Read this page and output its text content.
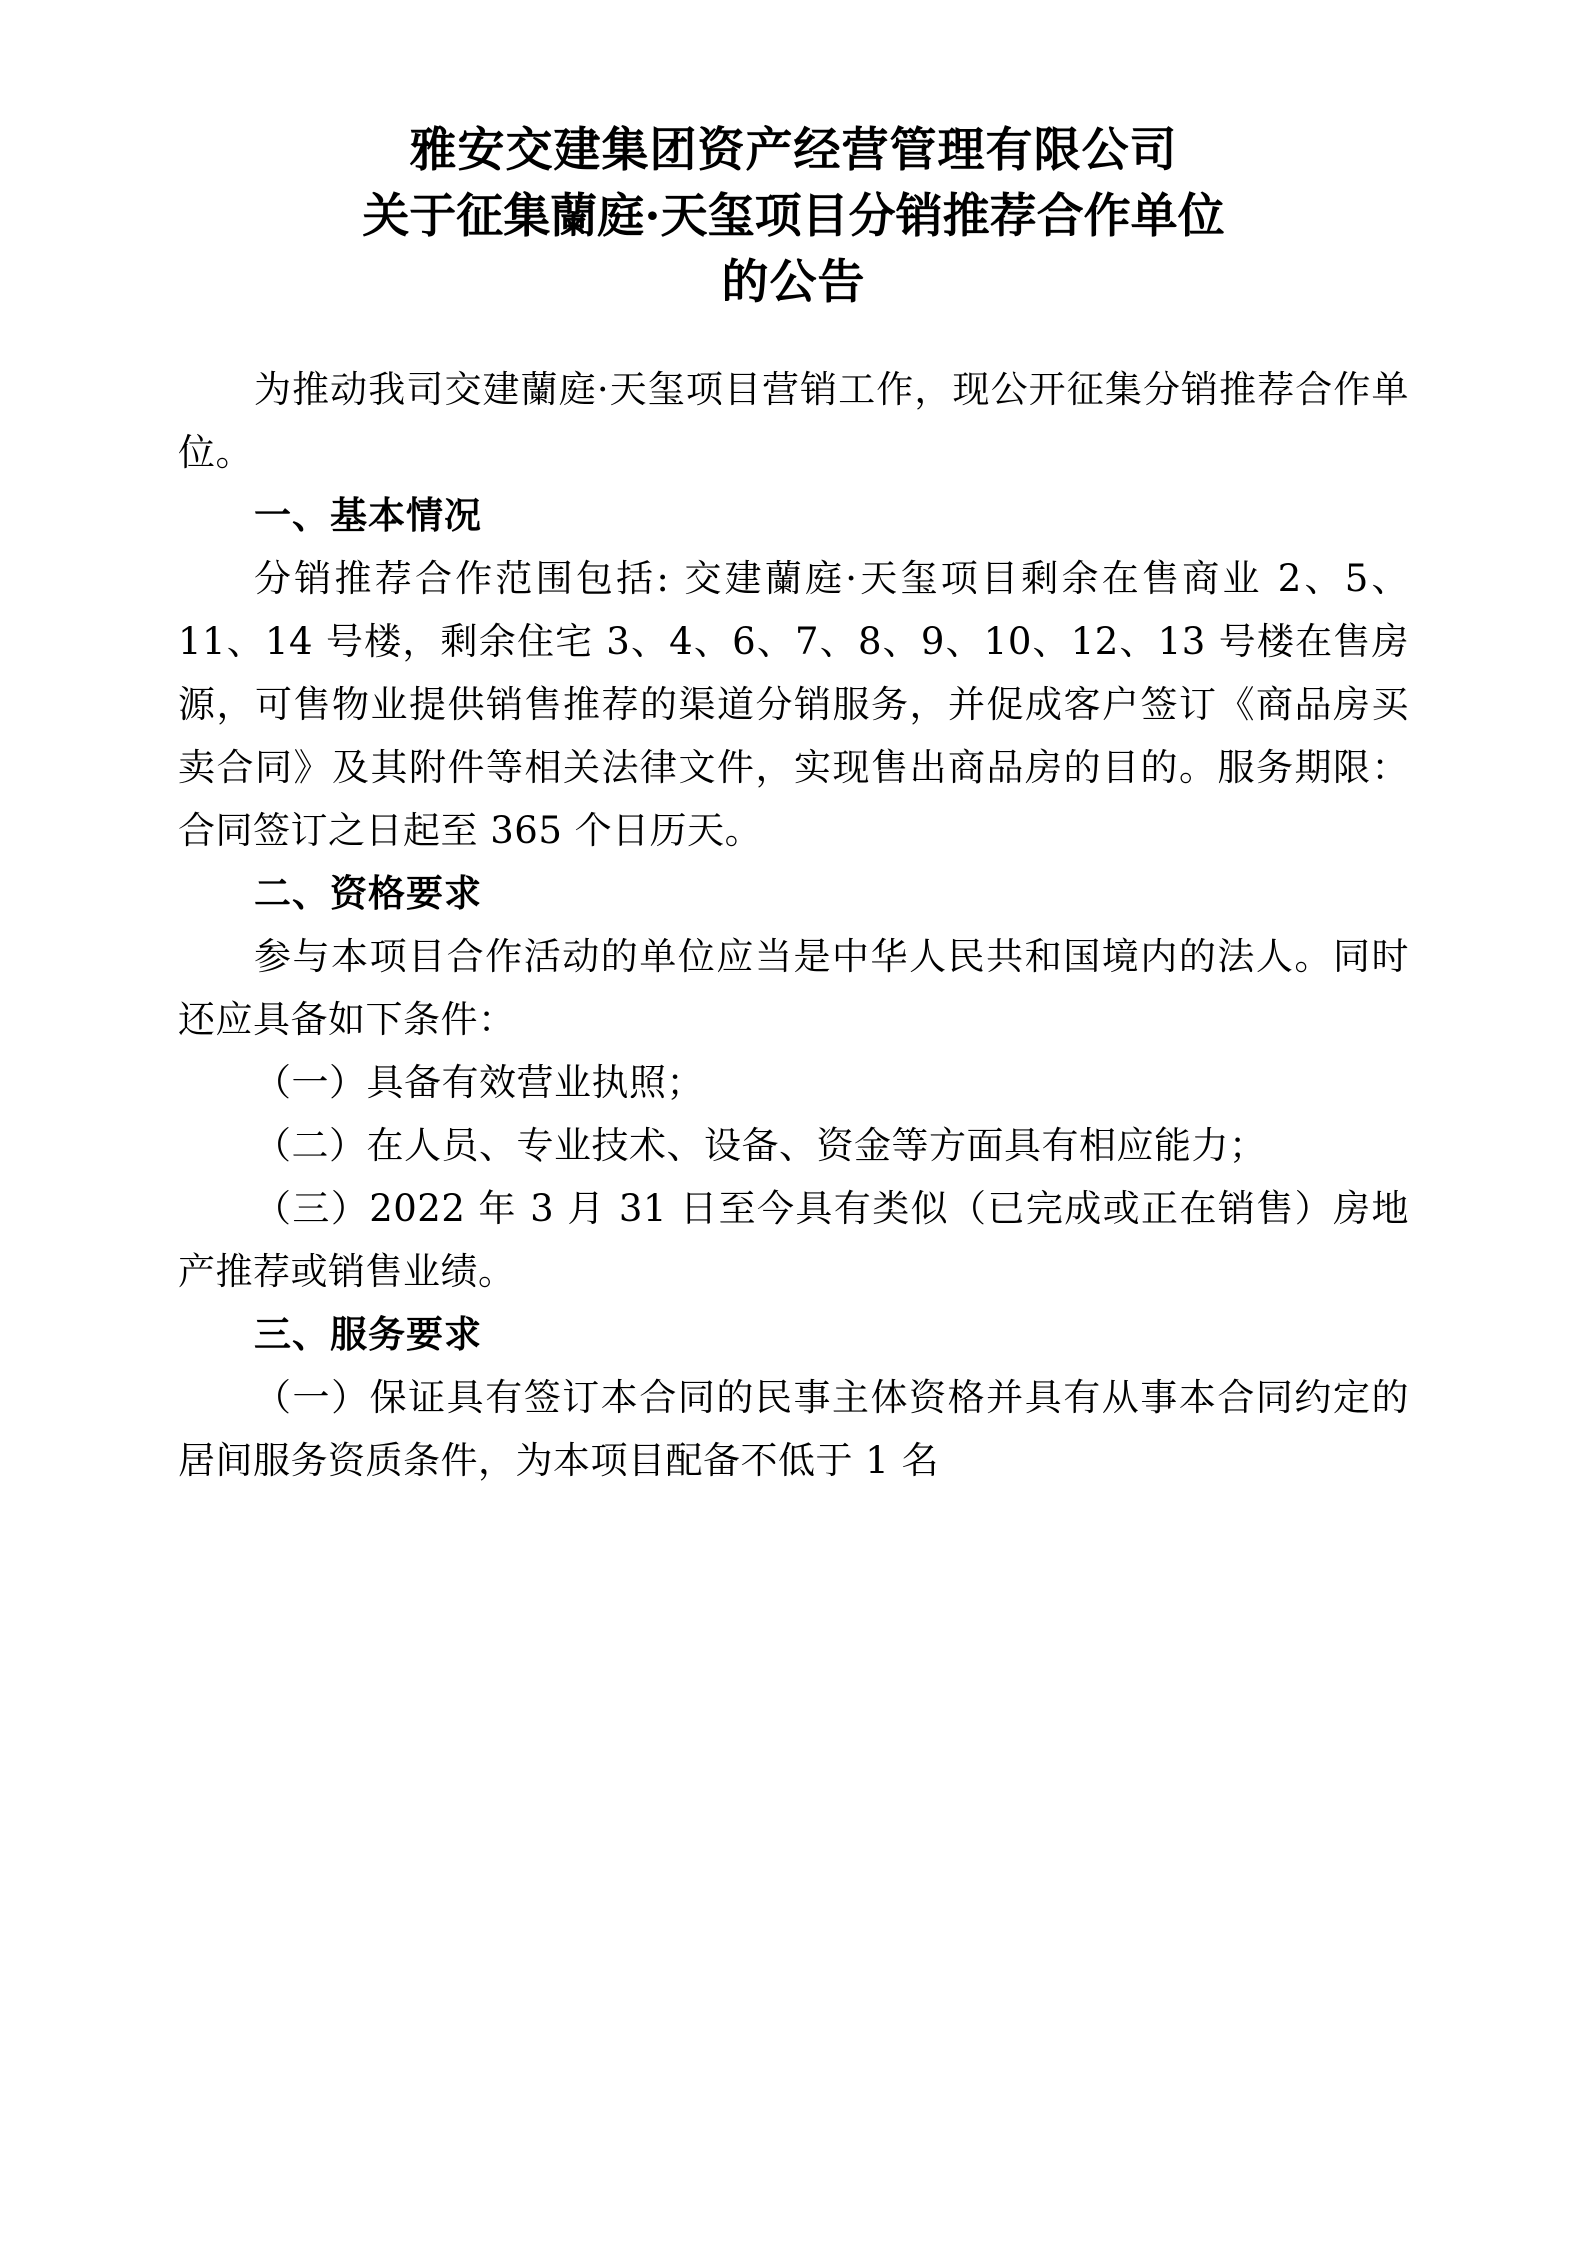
雅安交建集团资产经营管理有限公司
关于征集蘭庭·天玺项目分销推荐合作单位
的公告

为推动我司交建蘭庭·天玺项目营销工作，现公开征集分销推荐合作单位。

一、基本情况

分销推荐合作范围包括: 交建蘭庭·天玺项目剩余在售商业 2、5、11、14 号楼，剩余住宅 3、4、6、7、8、9、10、12、13 号楼在售房源，可售物业提供销售推荐的渠道分销服务，并促成客户签订《商品房买卖合同》及其附件等相关法律文件，实现售出商品房的目的。服务期限：合同签订之日起至 365 个日历天。

二、资格要求

参与本项目合作活动的单位应当是中华人民共和国境内的法人。同时还应具备如下条件：

（一）具备有效营业执照；

（二）在人员、专业技术、设备、资金等方面具有相应能力；

（三）2022 年 3 月 31 日至今具有类似（已完成或正在销售）房地产推荐或销售业绩。

三、服务要求

（一）保证具有签订本合同的民事主体资格并具有从事本合同约定的居间服务资质条件，为本项目配备不低于 1 名
